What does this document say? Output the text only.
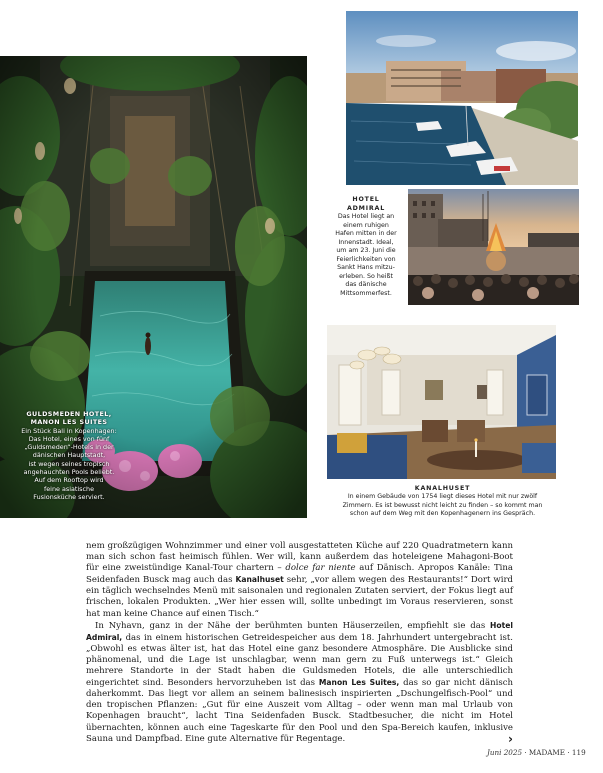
GULDSMEDEN HOTEL,
MANON LES SUITES
Ein Stück Bali in Kopenhagen:
Das Hotel, eines von fünf
„Guldsmeden“-Hotels in der
dänischen Hauptstadt,
ist wegen seines tropisch
angehauchten Pools beliebt.
Auf dem Rooftop wird
feine asiatische
Fusionsküche serviert.
HOTEL
ADMIRAL
Das Hotel liegt an
einem ruhigen
Hafen mitten in der
Innenstadt. Ideal,
um am 23. Juni die
Feierlichkeiten von
Sankt Hans mitzu-
erleben. So heißt
das dänische
Mittsommerfest.
KANALHUSET
In einem Gebäude von 1754 liegt dieses Hotel mit nur zwölf
Zimmern. Es ist bewusst nicht leicht zu finden – so kommt man
schon auf dem Weg mit den Kopenhagenern ins Gespräch.

nem großzügigen Wohnzimmer und einer voll ausgestatteten Küche auf 220 Quadratmetern kann man sich schon fast heimisch fühlen. Wer will, kann außerdem das hoteleigene Mahagoni-Boot für eine zweistündige Kanal-Tour chartern – dolce far niente auf Dänisch. Apropos Kanäle: Tina Seidenfaden Busck mag auch das Kanalhuset sehr, „vor allem wegen des Restaurants!“ Dort wird ein täglich wechselndes Menü mit saisonalen und regionalen Zutaten serviert, der Fokus liegt auf frischen, lokalen Produkten. „Wer hier essen will, sollte unbedingt im Voraus reservieren, sonst hat man keine Chance auf einen Tisch.“

In Nyhavn, ganz in der Nähe der berühmten bunten Häuserzeilen, empfiehlt sie das Hotel Admiral, das in einem historischen Getreidespeicher aus dem 18. Jahrhundert untergebracht ist. „Obwohl es etwas älter ist, hat das Hotel eine ganz besondere Atmosphäre. Die Ausblicke sind phänomenal, und die Lage ist unschlagbar, wenn man gern zu Fuß unterwegs ist.“ Gleich mehrere Standorte in der Stadt haben die Guldsmeden Hotels, die alle unterschiedlich eingerichtet sind. Besonders hervorzuheben ist das Manon Les Suites, das so gar nicht dänisch daherkommt. Das liegt vor allem an seinem balinesisch inspirierten „Dschungelfisch-Pool“ und den tropischen Pflanzen: „Gut für eine Auszeit vom Alltag – oder wenn man mal Urlaub von Kopenhagen braucht“, lacht Tina Seidenfaden Busck. Stadtbesucher, die nicht im Hotel übernachten, können auch eine Tageskarte für den Pool und den Spa-Bereich kaufen, inklusive Sauna und Dampfbad. Eine gute Alternative für Regentage.	›

Juni 2025 · MADAME · 119
